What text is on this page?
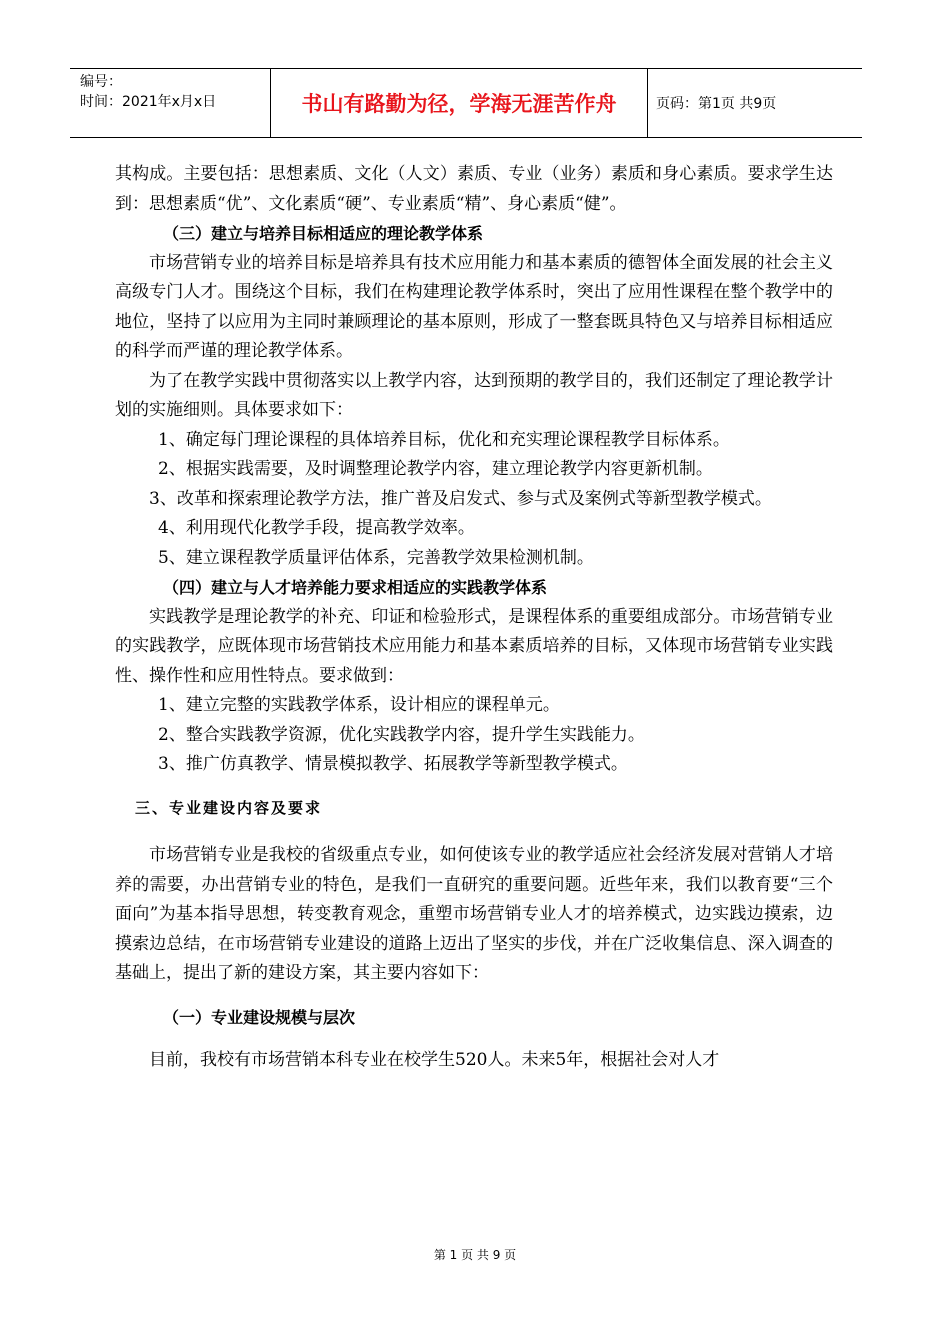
编号：
时间：2021年x月x日	书山有路勤为径，学海无涯苦作舟	页码：第1页 共9页

其构成。主要包括：思想素质、文化（人文）素质、专业（业务）素质和身心素质。要求学生达到：思想素质“优”、文化素质“硬”、专业素质“精”、身心素质“健”。

（三）建立与培养目标相适应的理论教学体系

市场营销专业的培养目标是培养具有技术应用能力和基本素质的德智体全面发展的社会主义高级专门人才。围绕这个目标，我们在构建理论教学体系时，突出了应用性课程在整个教学中的地位，坚持了以应用为主同时兼顾理论的基本原则，形成了一整套既具特色又与培养目标相适应的科学而严谨的理论教学体系。

为了在教学实践中贯彻落实以上教学内容，达到预期的教学目的，我们还制定了理论教学计划的实施细则。具体要求如下：

1、确定每门理论课程的具体培养目标，优化和充实理论课程教学目标体系。

2、根据实践需要，及时调整理论教学内容，建立理论教学内容更新机制。

3、改革和探索理论教学方法，推广普及启发式、参与式及案例式等新型教学模式。

4、利用现代化教学手段，提高教学效率。

5、建立课程教学质量评估体系，完善教学效果检测机制。

（四）建立与人才培养能力要求相适应的实践教学体系

实践教学是理论教学的补充、印证和检验形式，是课程体系的重要组成部分。市场营销专业的实践教学，应既体现市场营销技术应用能力和基本素质培养的目标，又体现市场营销专业实践性、操作性和应用性特点。要求做到：

1、建立完整的实践教学体系，设计相应的课程单元。

2、整合实践教学资源，优化实践教学内容，提升学生实践能力。

3、推广仿真教学、情景模拟教学、拓展教学等新型教学模式。

三、专业建设内容及要求

市场营销专业是我校的省级重点专业，如何使该专业的教学适应社会经济发展对营销人才培养的需要，办出营销专业的特色，是我们一直研究的重要问题。近些年来，我们以教育要“三个面向”为基本指导思想，转变教育观念，重塑市场营销专业人才的培养模式，边实践边摸索，边摸索边总结，在市场营销专业建设的道路上迈出了坚实的步伐，并在广泛收集信息、深入调查的基础上，提出了新的建设方案，其主要内容如下：

（一）专业建设规模与层次

目前，我校有市场营销本科专业在校学生520人。未来5年，根据社会对人才

第 1 页 共 9 页
